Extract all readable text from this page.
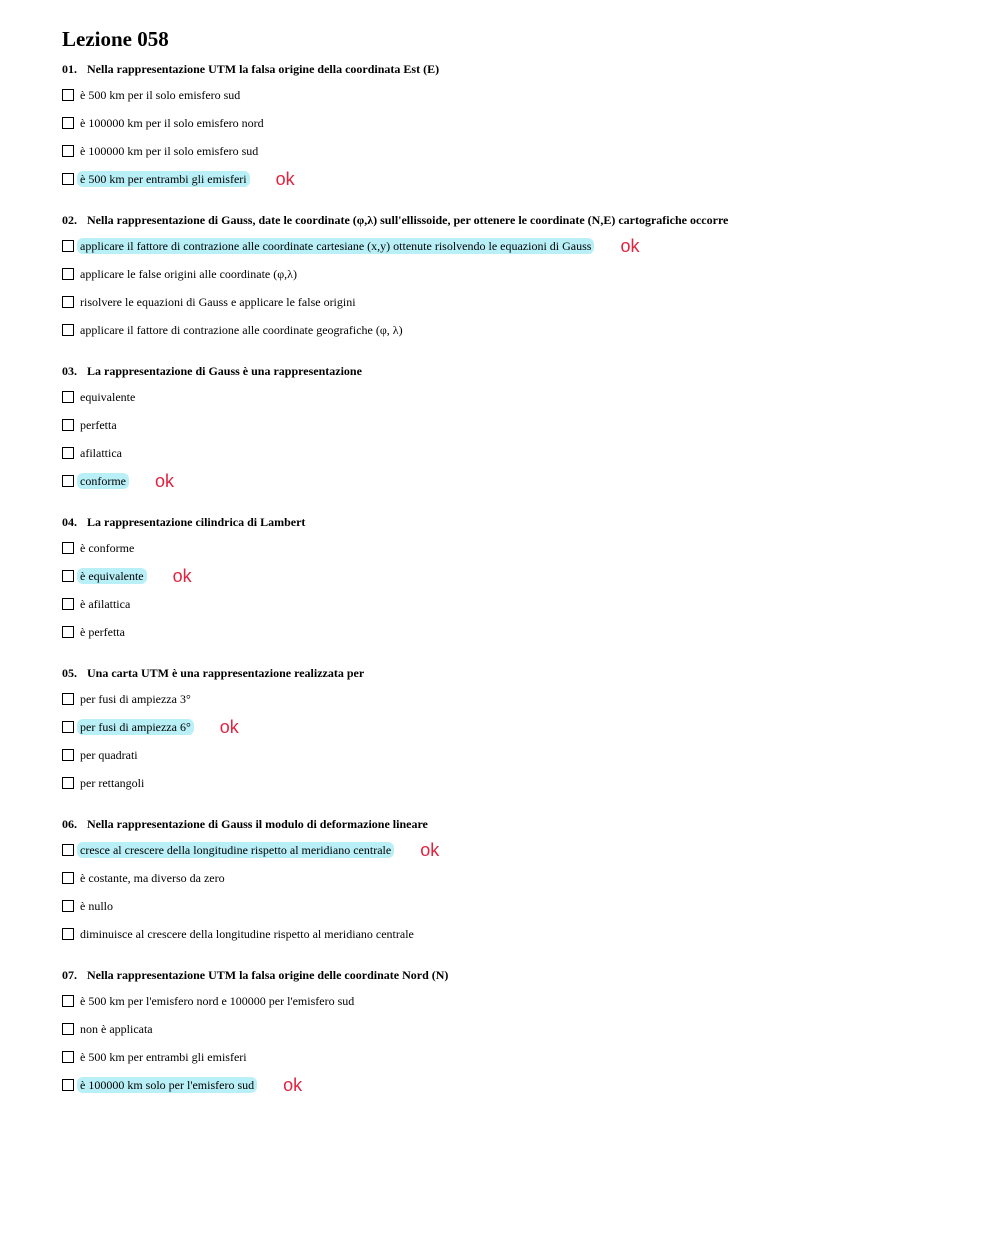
Lezione 058
01. Nella rappresentazione UTM la falsa origine della coordinata Est (E)
è 500 km per il solo emisfero sud
è 100000 km per il solo emisfero nord
è 100000 km per il solo emisfero sud
è 500 km per entrambi gli emisferi ok
02. Nella rappresentazione di Gauss, date le coordinate (φ,λ) sull'ellissoide, per ottenere le coordinate (N,E) cartografiche occorre
applicare il fattore di contrazione alle coordinate cartesiane (x,y) ottenute risolvendo le equazioni di Gauss ok
applicare le false origini alle coordinate (φ,λ)
risolvere le equazioni di Gauss e applicare le false origini
applicare il fattore di contrazione alle coordinate geografiche (φ, λ)
03. La rappresentazione di Gauss è una rappresentazione
equivalente
perfetta
afilattica
conforme ok
04. La rappresentazione cilindrica di Lambert
è conforme
è equivalente ok
è afilattica
è perfetta
05. Una carta UTM è una rappresentazione realizzata per
per fusi di ampiezza 3°
per fusi di ampiezza 6° ok
per quadrati
per rettangoli
06. Nella rappresentazione di Gauss il modulo di deformazione lineare
cresce al crescere della longitudine rispetto al meridiano centrale ok
è costante, ma diverso da zero
è nullo
diminuisce al crescere della longitudine rispetto al meridiano centrale
07. Nella rappresentazione UTM la falsa origine delle coordinate Nord (N)
è 500 km per l'emisfero nord e 100000 per l'emisfero sud
non è applicata
è 500 km per entrambi gli emisferi
è 100000 km solo per l'emisfero sud ok
